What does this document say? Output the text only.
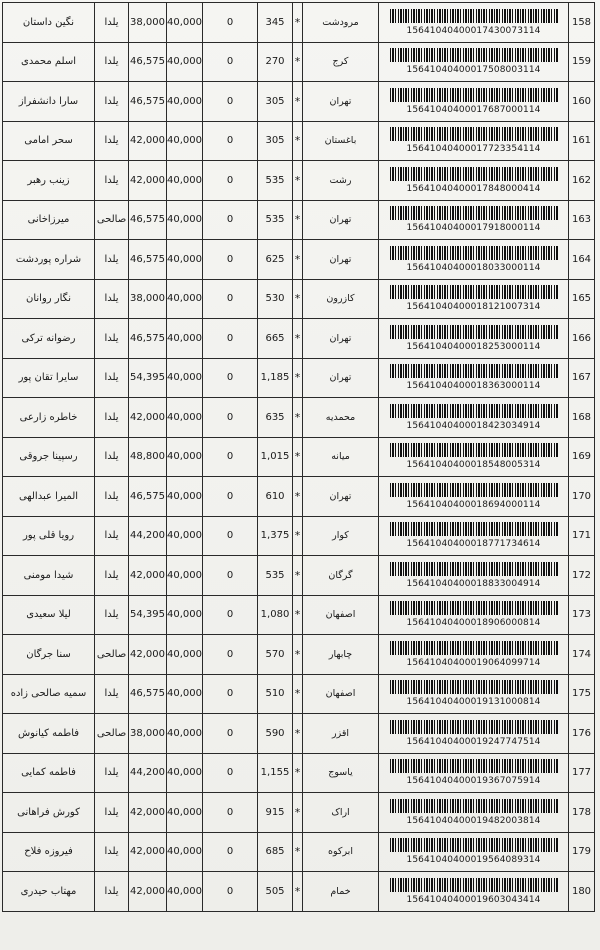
نگین داستان	یلدا	38,000	40,000	0	345	*	مرودشت	15641040400017430073114	158
اسلم محمدی	یلدا	46,575	40,000	0	270	*	کرج	15641040400017508003114	159
سارا دانشفراز	یلدا	46,575	40,000	0	305	*	تهران	15641040400017687000114	160
سحر امامی	یلدا	42,000	40,000	0	305	*	باغستان	15641040400017723354114	161
زینب رهبر	یلدا	42,000	40,000	0	535	*	رشت	15641040400017848000414	162
میرزاخانی	صالحی	46,575	40,000	0	535	*	تهران	15641040400017918000114	163
شراره پوردشت	یلدا	46,575	40,000	0	625	*	تهران	15641040400018033000114	164
نگار روانان	یلدا	38,000	40,000	0	530	*	کازرون	15641040400018121007314	165
رضوانه ترکی	یلدا	46,575	40,000	0	665	*	تهران	15641040400018253000114	166
سایرا تقان پور	یلدا	54,395	40,000	0	1,185	*	تهران	15641040400018363000114	167
خاطره زارعی	یلدا	42,000	40,000	0	635	*	محمدیه	15641040400018423034914	168
رسپینا جروقی	یلدا	48,800	40,000	0	1,015	*	میانه	15641040400018548005314	169
المیرا عبدالهی	یلدا	46,575	40,000	0	610	*	تهران	15641040400018694000114	170
رویا قلی پور	یلدا	44,200	40,000	0	1,375	*	کوار	15641040400018771734614	171
شیدا مومنی	یلدا	42,000	40,000	0	535	*	گرگان	15641040400018833004914	172
لیلا سعیدی	یلدا	54,395	40,000	0	1,080	*	اصفهان	15641040400018906000814	173
سنا جرگان	صالحی	42,000	40,000	0	570	*	چابهار	15641040400019064099714	174
سمیه صالحی زاده	یلدا	46,575	40,000	0	510	*	اصفهان	15641040400019131000814	175
فاطمه کیانوش	صالحی	38,000	40,000	0	590	*	اقزر	15641040400019247747514	176
فاطمه کمایی	یلدا	44,200	40,000	0	1,155	*	یاسوج	15641040400019367075914	177
کورش فراهانی	یلدا	42,000	40,000	0	915	*	اراک	15641040400019482003814	178
فیروزه فلاح	یلدا	42,000	40,000	0	685	*	ابرکوه	15641040400019564089314	179
مهتاب حیدری	یلدا	42,000	40,000	0	505	*	خمام	15641040400019603043414	180
